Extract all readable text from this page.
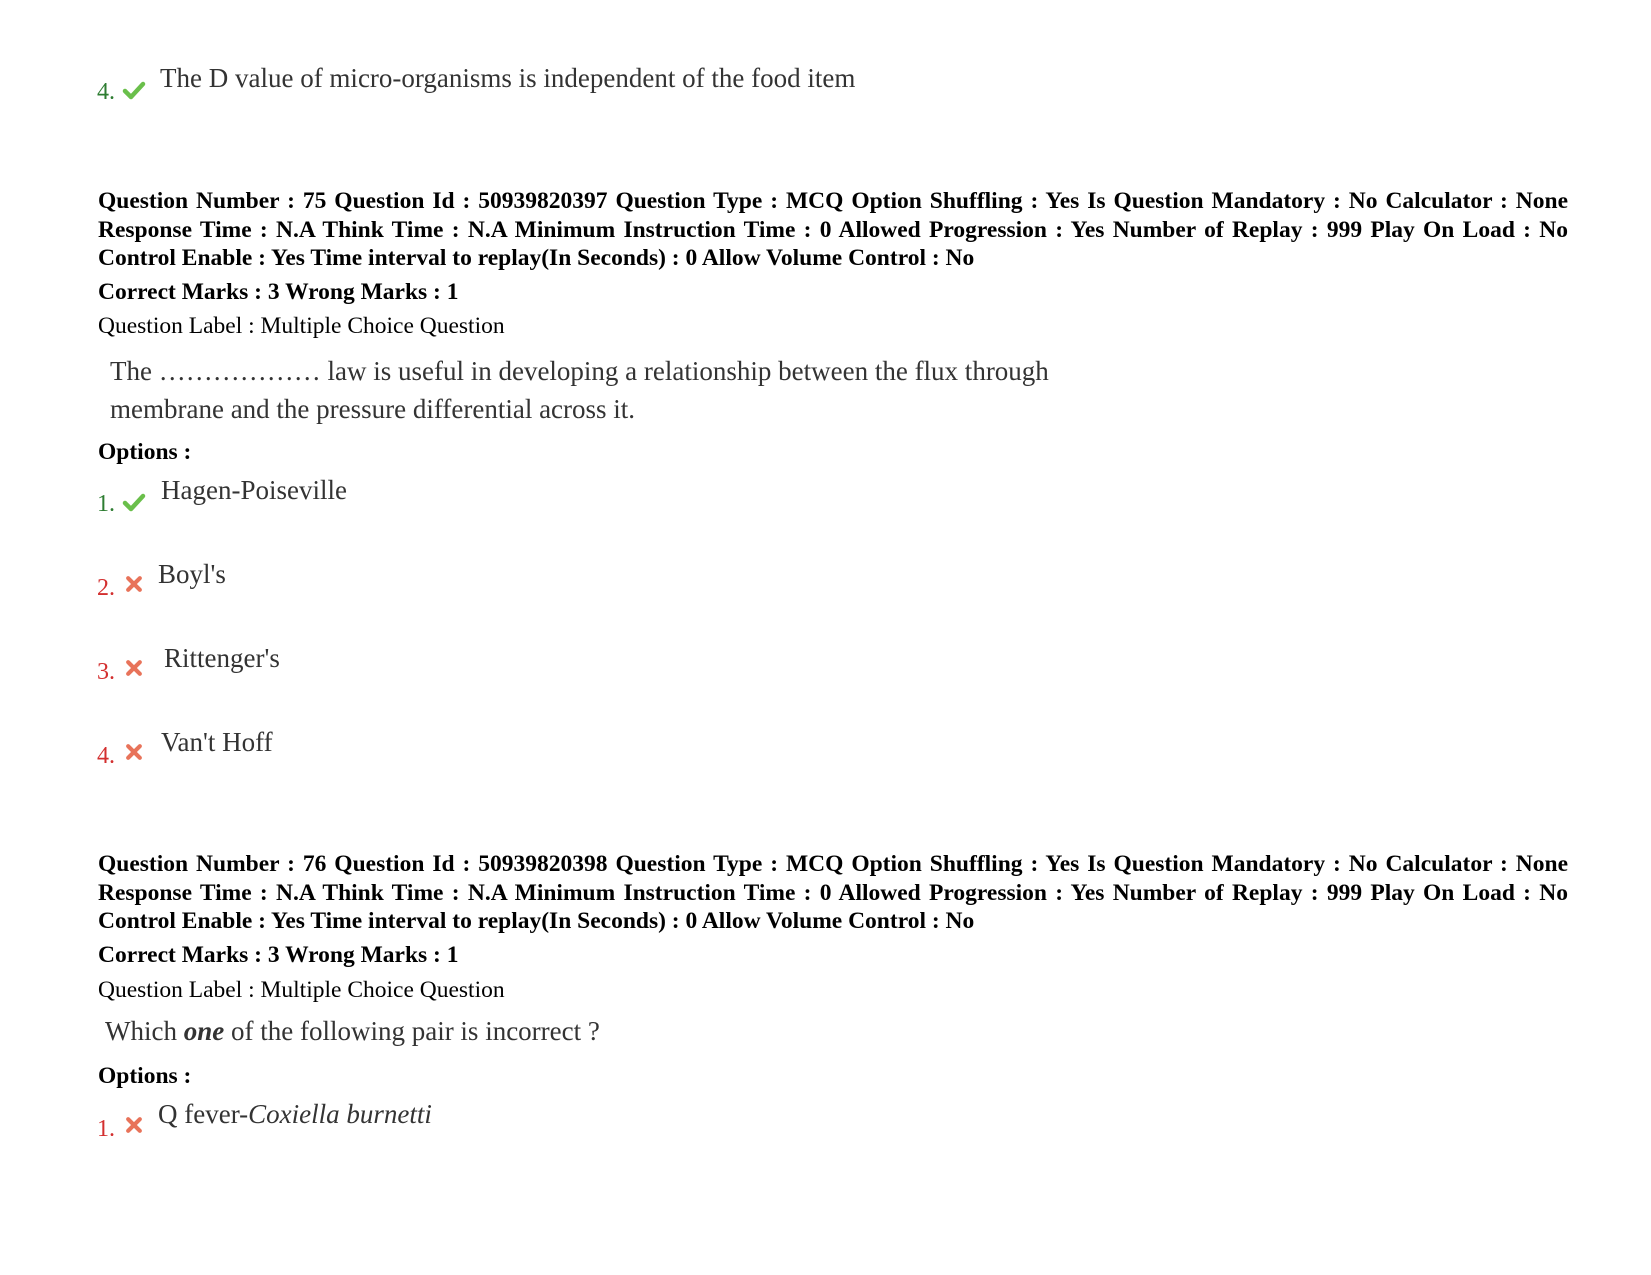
4. The D value of micro-organisms is independent of the food item
Question Number : 75 Question Id : 50939820397 Question Type : MCQ Option Shuffling : Yes Is Question Mandatory : No Calculator : None Response Time : N.A Think Time : N.A Minimum Instruction Time : 0 Allowed Progression : Yes Number of Replay : 999 Play On Load : No Control Enable : Yes Time interval to replay(In Seconds) : 0 Allow Volume Control : No
Correct Marks : 3 Wrong Marks : 1
Question Label : Multiple Choice Question
The ……………… law is useful in developing a relationship between the flux through
membrane and the pressure differential across it.
Options :
1. Hagen-Poiseville
2. Boyl's
3. Rittenger's
4. Van't Hoff
Question Number : 76 Question Id : 50939820398 Question Type : MCQ Option Shuffling : Yes Is Question Mandatory : No Calculator : None Response Time : N.A Think Time : N.A Minimum Instruction Time : 0 Allowed Progression : Yes Number of Replay : 999 Play On Load : No Control Enable : Yes Time interval to replay(In Seconds) : 0 Allow Volume Control : No
Correct Marks : 3 Wrong Marks : 1
Question Label : Multiple Choice Question
Which one of the following pair is incorrect ?
Options :
1. Q fever-Coxiella burnetti
